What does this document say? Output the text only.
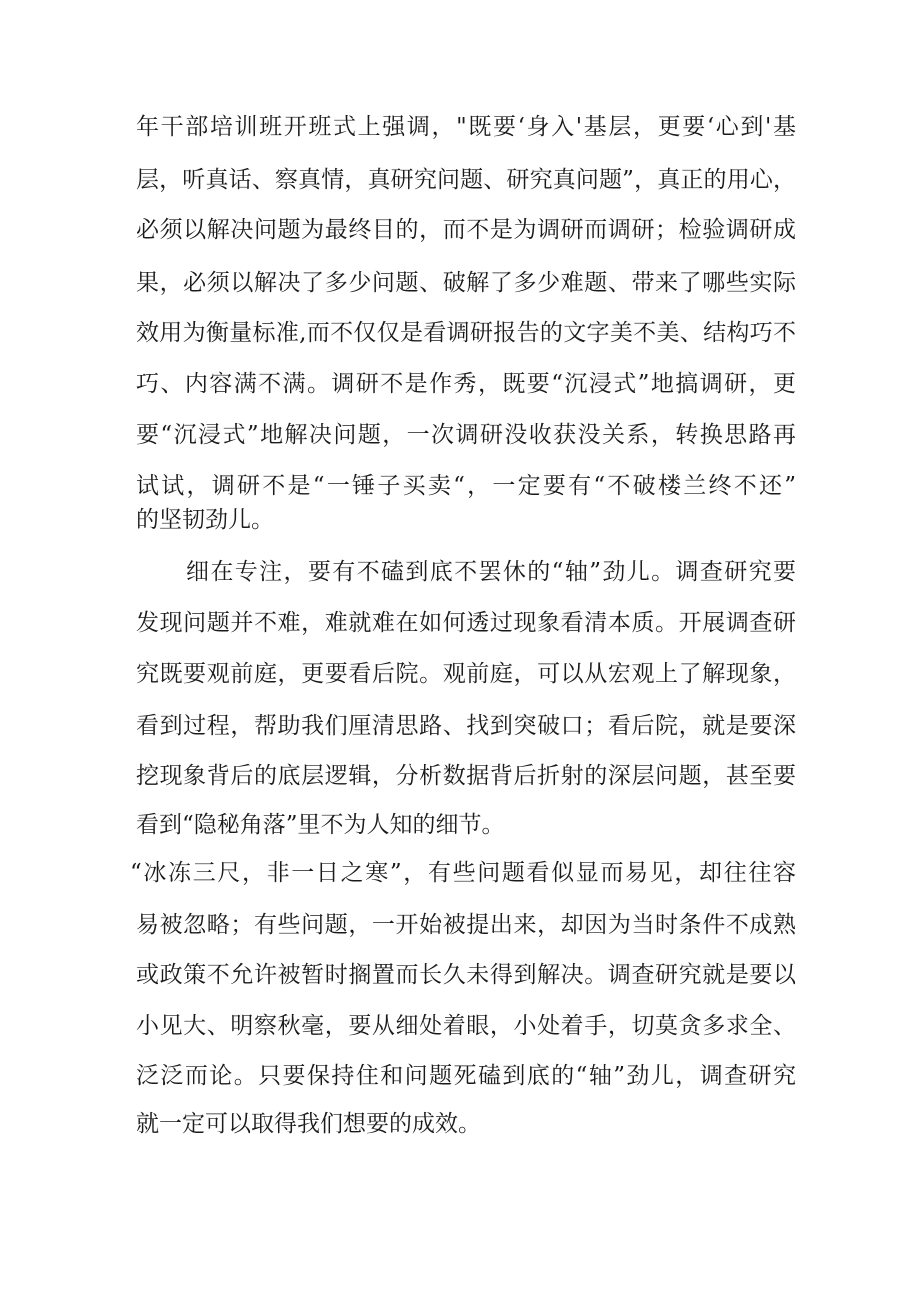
年干部培训班开班式上强调，"既要‘身入'基层，更要‘心到'基
层，听真话、察真情，真研究问题、研究真问题”，真正的用心，
必须以解决问题为最终目的，而不是为调研而调研；检验调研成
果，必须以解决了多少问题、破解了多少难题、带来了哪些实际
效用为衡量标准,而不仅仅是看调研报告的文字美不美、结构巧不
巧、内容满不满。调研不是作秀，既要“沉浸式”地搞调研，更
要“沉浸式”地解决问题，一次调研没收获没关系，转换思路再
试试，调研不是“一锤子买卖“，一定要有“不破楼兰终不还”
的坚韧劲儿。
细在专注，要有不磕到底不罢休的“轴”劲儿。调查研究要
发现问题并不难，难就难在如何透过现象看清本质。开展调查研
究既要观前庭，更要看后院。观前庭，可以从宏观上了解现象，
看到过程，帮助我们厘清思路、找到突破口；看后院，就是要深
挖现象背后的底层逻辑，分析数据背后折射的深层问题，甚至要
看到“隐秘角落”里不为人知的细节。
“冰冻三尺，非一日之寒”，有些问题看似显而易见，却往往容
易被忽略；有些问题，一开始被提出来，却因为当时条件不成熟
或政策不允许被暂时搁置而长久未得到解决。调查研究就是要以
小见大、明察秋毫，要从细处着眼，小处着手，切莫贪多求全、
泛泛而论。只要保持住和问题死磕到底的“轴”劲儿，调查研究
就一定可以取得我们想要的成效。
